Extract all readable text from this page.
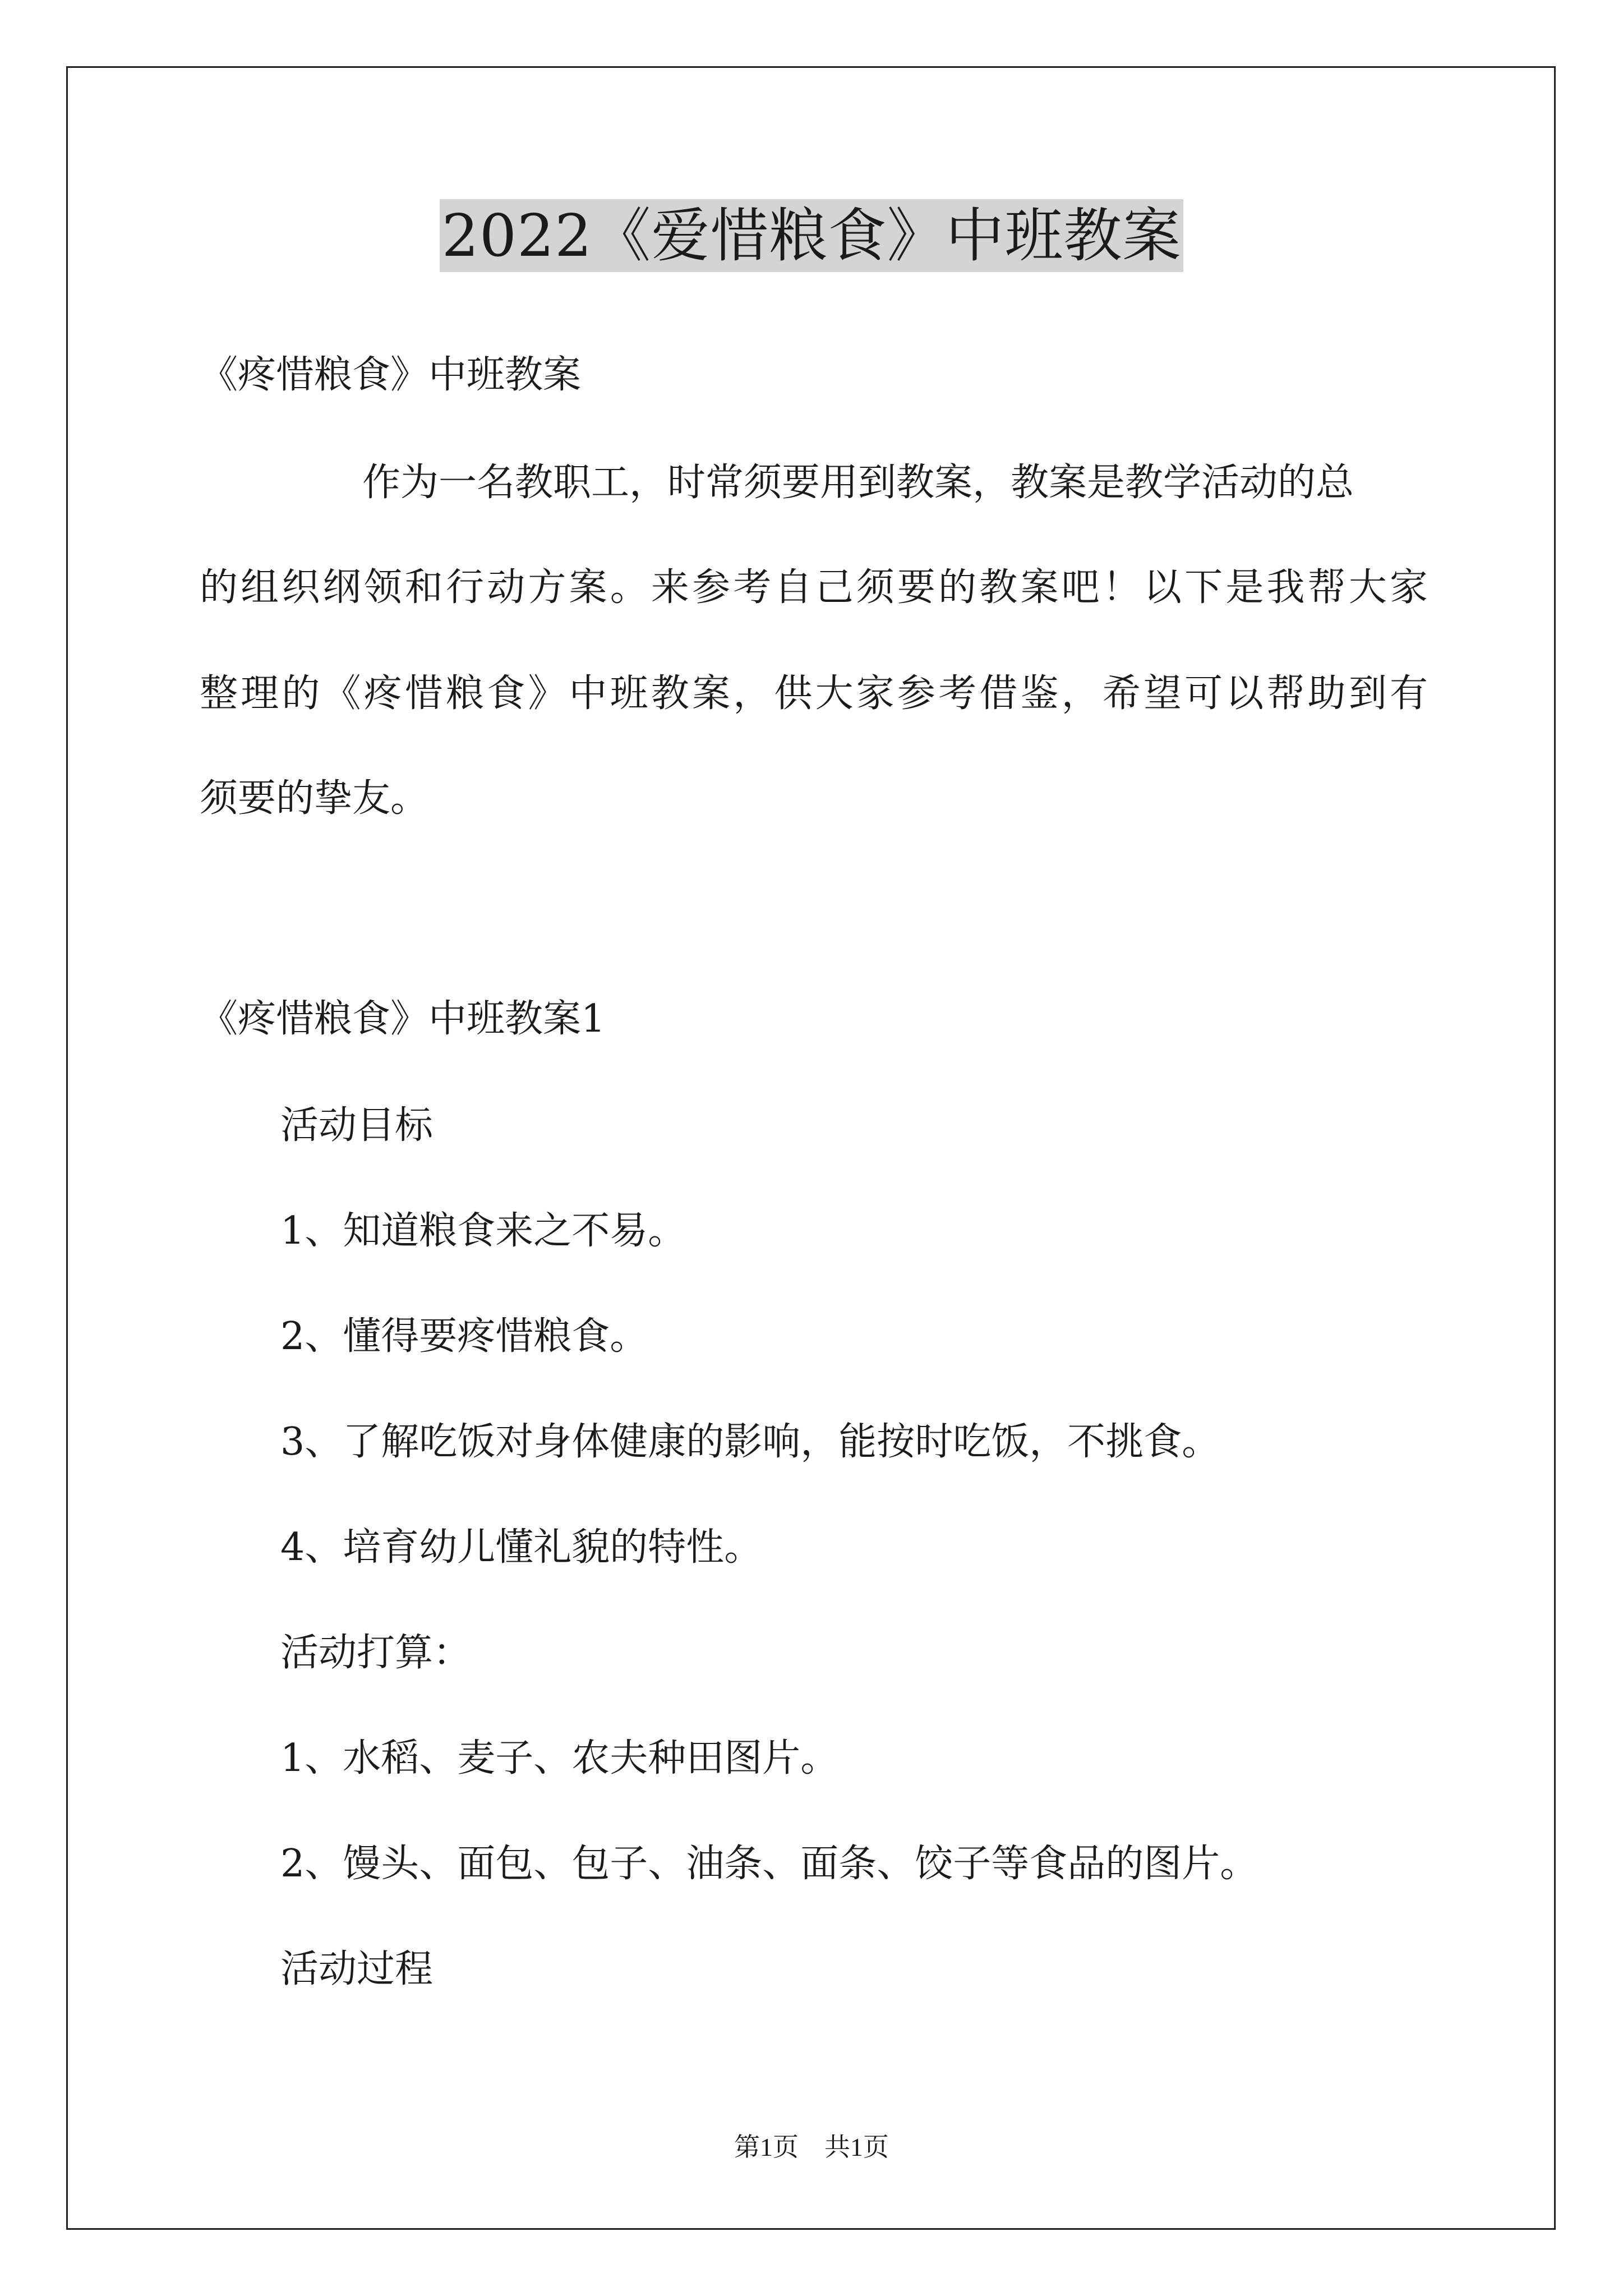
2022《爱惜粮食》中班教案
《疼惜粮食》中班教案
作为一名教职工，时常须要用到教案，教案是教学活动的总
的组织纲领和行动方案。来参考自己须要的教案吧！以下是我帮大家
整理的《疼惜粮食》中班教案，供大家参考借鉴，希望可以帮助到有
须要的挚友。
《疼惜粮食》中班教案1
活动目标
1、知道粮食来之不易。
2、懂得要疼惜粮食。
3、了解吃饭对身体健康的影响，能按时吃饭，不挑食。
4、培育幼儿懂礼貌的特性。
活动打算：
1、水稻、麦子、农夫种田图片。
2、馒头、面包、包子、油条、面条、饺子等食品的图片。
活动过程
第1页 共1页
